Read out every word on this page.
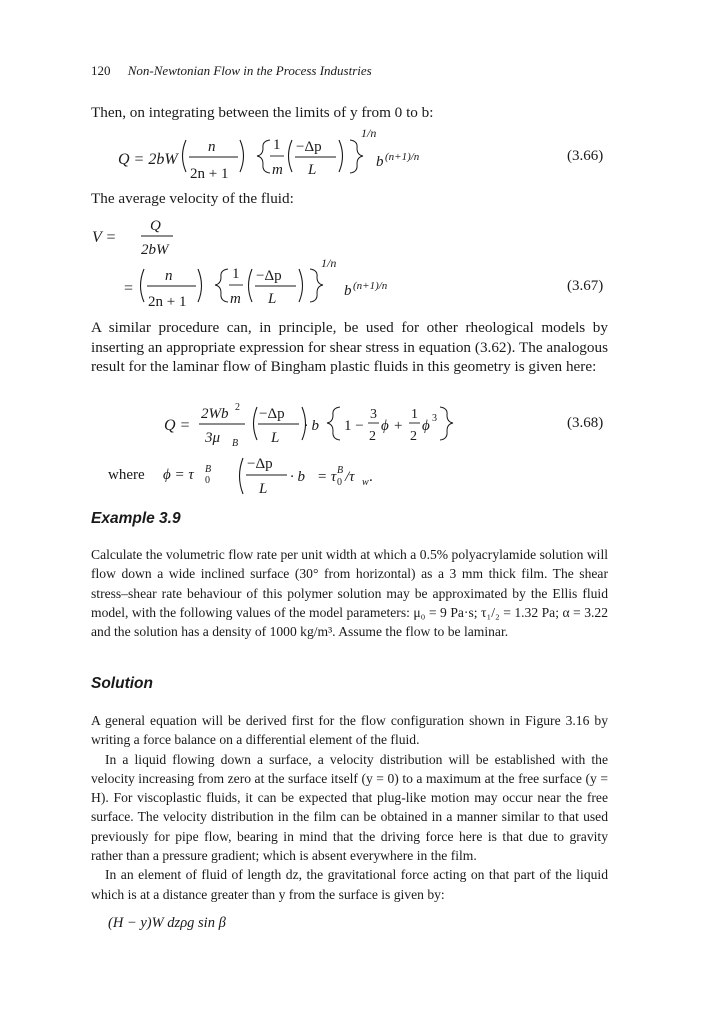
120 Non-Newtonian Flow in the Process Industries
Then, on integrating between the limits of y from 0 to b:
Q = 2bW
n
2n + 1
1
m
−Δp
L
1/n
b (n+1)/n	(3.66)
The average velocity of the fluid:
V =
Q
2bW
=
n
2n + 1
1
m
−Δp
L
1/n
b (n+1)/n	(3.67)
A similar procedure can, in principle, be used for other rheological models by inserting an appropriate expression for shear stress in equation (3.62). The analogous result for the laminar flow of Bingham plastic fluids in this geometry is given here:
Q =
2Wb 2
3μ B
−Δp
L
· b 1 −
3
2
ϕ +
1
2
ϕ 3	(3.68)
where ϕ = τ B
0
−Δp
L
· b = τ B
0 /τ w .
Example 3.9
Calculate the volumetric flow rate per unit width at which a 0.5% polyacrylamide solution will flow down a wide inclined surface (30° from horizontal) as a 3 mm thick film. The shear stress–shear rate behaviour of this polymer solution may be approximated by the Ellis fluid model, with the following values of the model parameters: μ₀ = 9 Pa·s; τ₁/₂ = 1.32 Pa; α = 3.22 and the solution has a density of 1000 kg/m³. Assume the flow to be laminar.
Solution
A general equation will be derived first for the flow configuration shown in Figure 3.16 by writing a force balance on a differential element of the fluid.
In a liquid flowing down a surface, a velocity distribution will be established with the velocity increasing from zero at the surface itself (y = 0) to a maximum at the free surface (y = H). For viscoplastic fluids, it can be expected that plug-like motion may occur near the free surface. The velocity distribution in the film can be obtained in a manner similar to that used previously for pipe flow, bearing in mind that the driving force here is that due to gravity rather than a pressure gradient; which is absent everywhere in the film.
In an element of fluid of length dz, the gravitational force acting on that part of the liquid which is at a distance greater than y from the surface is given by:
(H − y)W dzρg sin β
